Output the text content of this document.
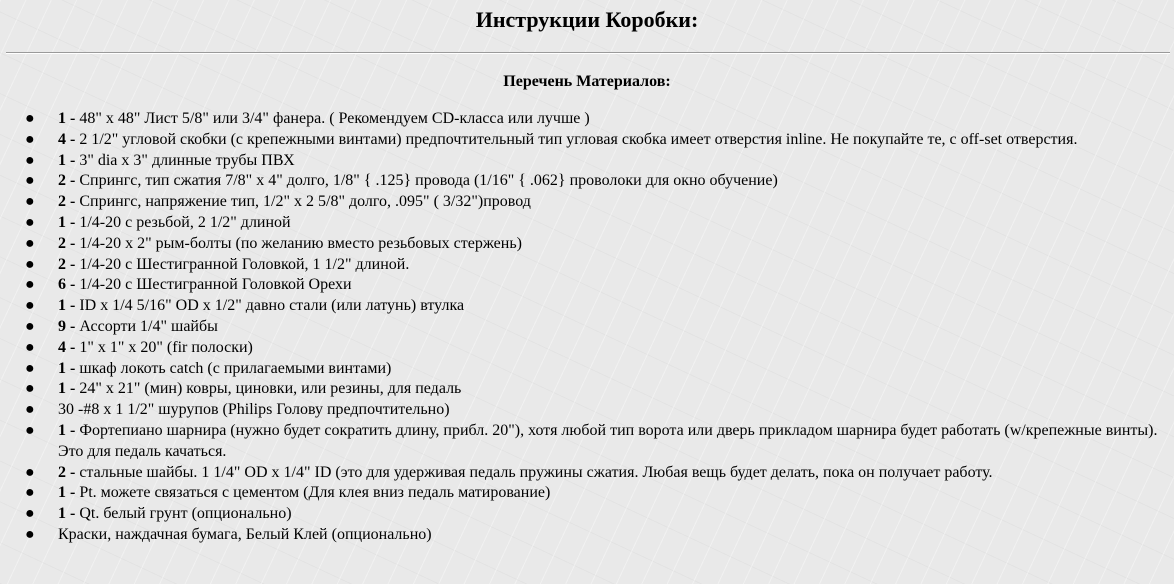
Инструкции Коробки:
Перечень Материалов:
● 1 - 48" x 48" Лист 5/8" или 3/4" фанера. ( Рекомендуем CD-класса или лучше )
● 4 - 2 1/2" угловой скобки (с крепежными винтами) предпочтительный тип угловая скобка имеет отверстия inline. Не покупайте те, с off-set отверстия.
● 1 - 3" dia x 3" длинные трубы ПВХ
● 2 - Спрингс, тип сжатия 7/8" x 4" долго, 1/8" { .125} провода (1/16" { .062} проволоки для окно обучение)
● 2 - Спрингс, напряжение тип, 1/2" x 2 5/8" долго, .095" ( 3/32")провод
● 1 - 1/4-20 с резьбой, 2 1/2" длиной
● 2 - 1/4-20 x 2" рым-болты (по желанию вместо резьбовых стержень)
● 2 - 1/4-20 с Шестигранной Головкой, 1 1/2" длиной.
● 6 - 1/4-20 с Шестигранной Головкой Орехи
● 1 - ID x 1/4 5/16" OD x 1/2" давно стали (или латунь) втулка
● 9 - Ассорти 1/4" шайбы
● 4 - 1" x 1" x 20" (fir полоски)
● 1 - шкаф локоть catch (с прилагаемыми винтами)
● 1 - 24" x 21" (мин) ковры, циновки, или резины, для педаль
● 30 -#8 x 1 1/2" шурупов (Philips Голову предпочтительно)
● 1 - Фортепиано шарнира (нужно будет сократить длину, прибл. 20"), хотя любой тип ворота или дверь прикладом шарнира будет работать (w/крепежные винты). Это для педаль качаться.
● 2 - стальные шайбы. 1 1/4" OD x 1/4" ID (это для удерживая педаль пружины сжатия. Любая вещь будет делать, пока он получает работу.
● 1 - Pt. можете связаться с цементом (Для клея вниз педаль матирование)
● 1 - Qt. белый грунт (опционально)
● Краски, наждачная бумага, Белый Клей (опционально)
